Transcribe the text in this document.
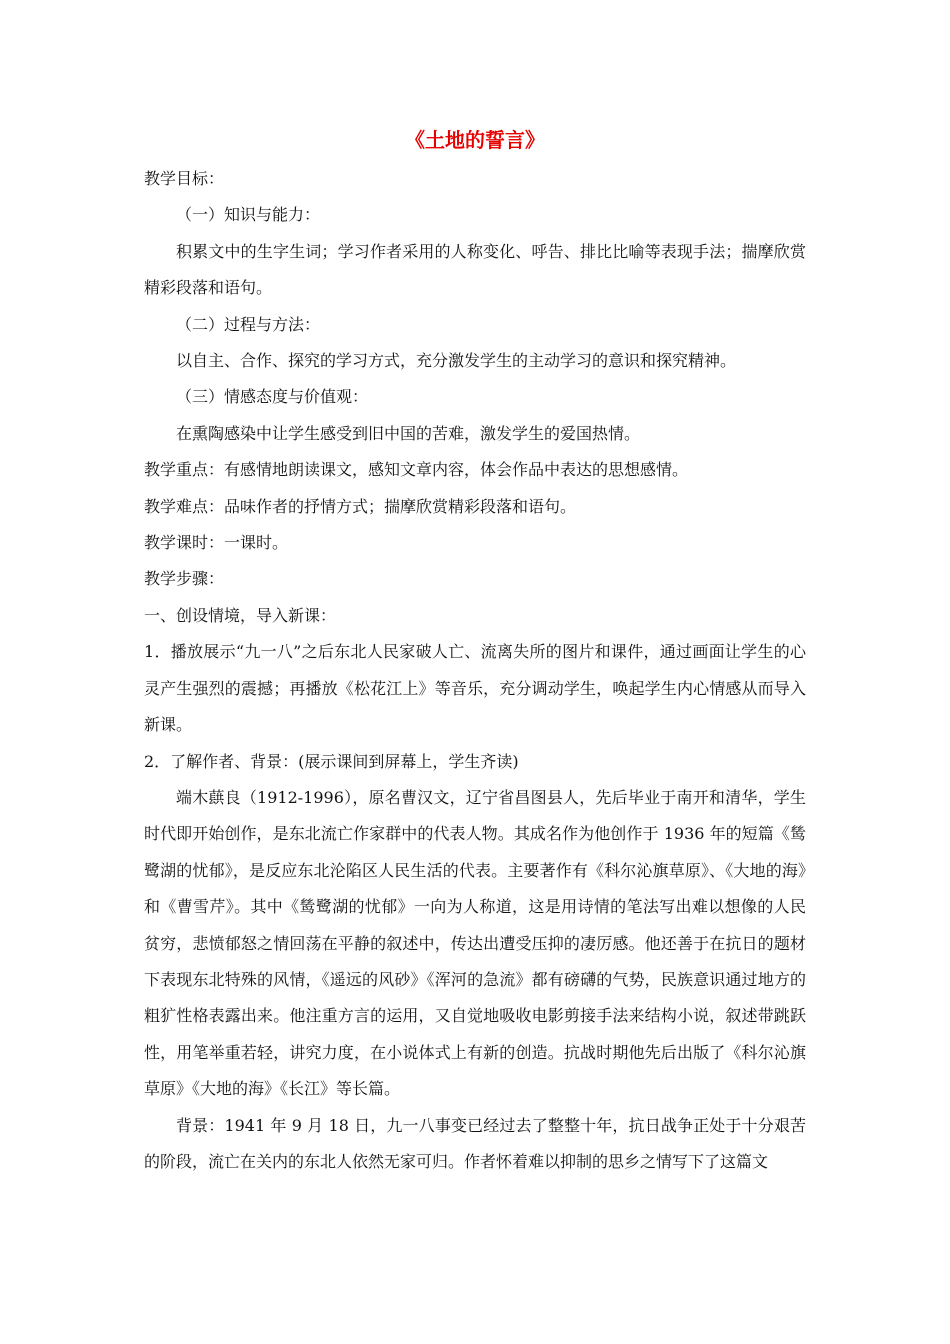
《土地的誓言》

教学目标：

（一）知识与能力：

积累文中的生字生词；学习作者采用的人称变化、呼告、排比比喻等表现手法；揣摩欣赏精彩段落和语句。

（二）过程与方法：

以自主、合作、探究的学习方式，充分激发学生的主动学习的意识和探究精神。

（三）情感态度与价值观：

在熏陶感染中让学生感受到旧中国的苦难，激发学生的爱国热情。

教学重点：有感情地朗读课文，感知文章内容，体会作品中表达的思想感情。

教学难点：品味作者的抒情方式；揣摩欣赏精彩段落和语句。

教学课时：一课时。

教学步骤：

一、创设情境，导入新课：

1．播放展示“九一八”之后东北人民家破人亡、流离失所的图片和课件，通过画面让学生的心灵产生强烈的震撼；再播放《松花江上》等音乐，充分调动学生，唤起学生内心情感从而导入新课。

2．了解作者、背景：(展示课间到屏幕上，学生齐读)

端木蕻良（1912-1996），原名曹汉文，辽宁省昌图县人，先后毕业于南开和清华，学生时代即开始创作，是东北流亡作家群中的代表人物。其成名作为他创作于 1936 年的短篇《鸶鹭湖的忧郁》，是反应东北沦陷区人民生活的代表。主要著作有《科尔沁旗草原》、《大地的海》和《曹雪芹》。其中《鸶鹭湖的忧郁》一向为人称道，这是用诗情的笔法写出难以想像的人民贫穷，悲愤郁怒之情回荡在平静的叙述中，传达出遭受压抑的凄厉感。他还善于在抗日的题材下表现东北特殊的风情，《遥远的风砂》《浑河的急流》都有磅礴的气势，民族意识通过地方的粗犷性格表露出来。他注重方言的运用，又自觉地吸收电影剪接手法来结构小说，叙述带跳跃性，用笔举重若轻，讲究力度，在小说体式上有新的创造。抗战时期他先后出版了《科尔沁旗草原》《大地的海》《长江》等长篇。

背景：1941 年 9 月 18 日，九一八事变已经过去了整整十年，抗日战争正处于十分艰苦的阶段，流亡在关内的东北人依然无家可归。作者怀着难以抑制的思乡之情写下了这篇文
